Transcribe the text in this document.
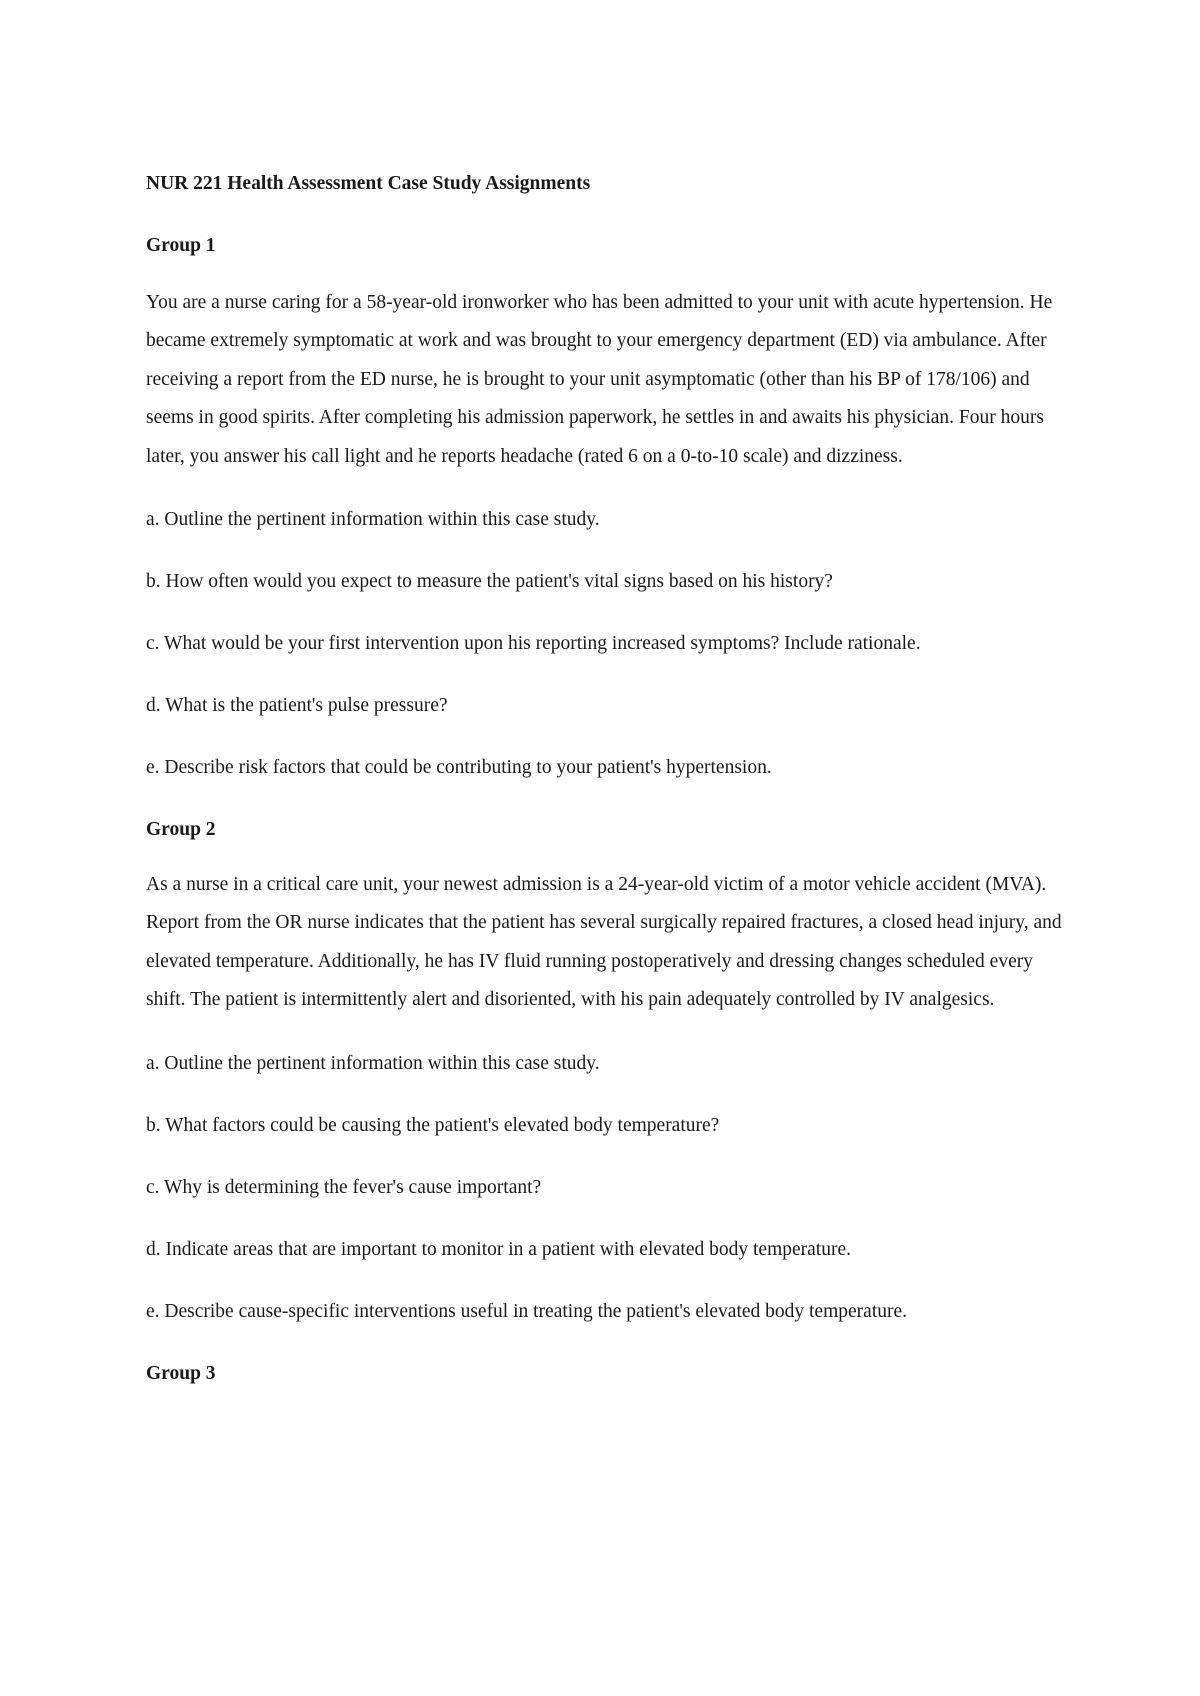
NUR 221 Health Assessment Case Study Assignments
Group 1

You are a nurse caring for a 58-year-old ironworker who has been admitted to your unit with acute hypertension. He became extremely symptomatic at work and was brought to your emergency department (ED) via ambulance. After receiving a report from the ED nurse, he is brought to your unit asymptomatic (other than his BP of 178/106) and seems in good spirits. After completing his admission paperwork, he settles in and awaits his physician. Four hours later, you answer his call light and he reports headache (rated 6 on a 0-to-10 scale) and dizziness.

a. Outline the pertinent information within this case study.

b. How often would you expect to measure the patient's vital signs based on his history?

c. What would be your first intervention upon his reporting increased symptoms? Include rationale.

d. What is the patient's pulse pressure?

e. Describe risk factors that could be contributing to your patient's hypertension.

Group 2

As a nurse in a critical care unit, your newest admission is a 24-year-old victim of a motor vehicle accident (MVA). Report from the OR nurse indicates that the patient has several surgically repaired fractures, a closed head injury, and elevated temperature. Additionally, he has IV fluid running postoperatively and dressing changes scheduled every shift. The patient is intermittently alert and disoriented, with his pain adequately controlled by IV analgesics.

a. Outline the pertinent information within this case study.

b. What factors could be causing the patient's elevated body temperature?

c. Why is determining the fever's cause important?

d. Indicate areas that are important to monitor in a patient with elevated body temperature.

e. Describe cause-specific interventions useful in treating the patient's elevated body temperature.

Group 3
